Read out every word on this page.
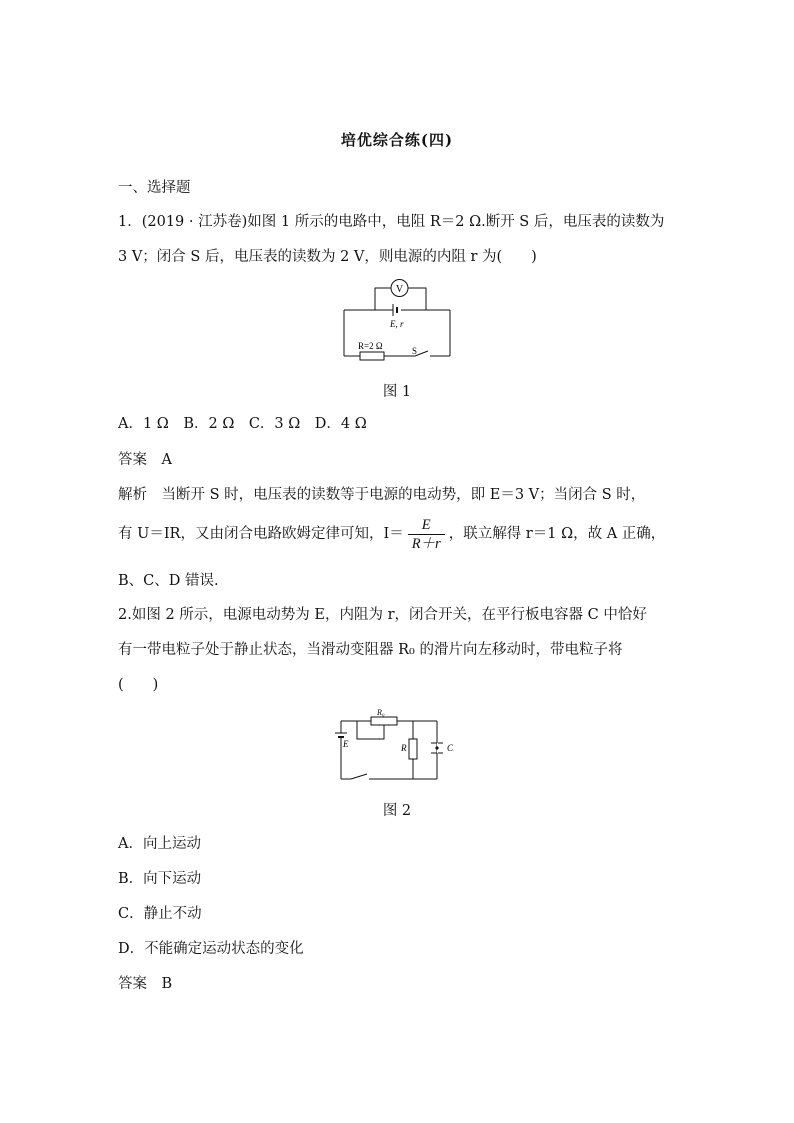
培优综合练(四)
一、选择题
1．(2019 · 江苏卷)如图 1 所示的电路中，电阻 R＝2 Ω.断开 S 后，电压表的读数为
3 V；闭合 S 后，电压表的读数为 2 V，则电源的内阻 r 为(　　)
V
E, r
R=2 Ω	S
图 1
A．1 Ω　B．2 Ω　C．3 Ω　D．4 Ω
答案　A
解析　当断开 S 时，电压表的读数等于电源的电动势，即 E＝3 V；当闭合 S 时，
有 U＝IR，又由闭合电路欧姆定律可知，$I= \frac{E}{R+r}$ ，联立解得 r＝1 Ω，故 A 正确，
B、C、D 错误.
2.如图 2 所示，电源电动势为 E，内阻为 r，闭合开关，在平行板电容器 C 中恰好
有一带电粒子处于静止状态，当滑动变阻器 R₀ 的滑片向左移动时，带电粒子将
(　　)
R₀
E	R	C
图 2
A．向上运动
B．向下运动
C．静止不动
D．不能确定运动状态的变化
答案　B
